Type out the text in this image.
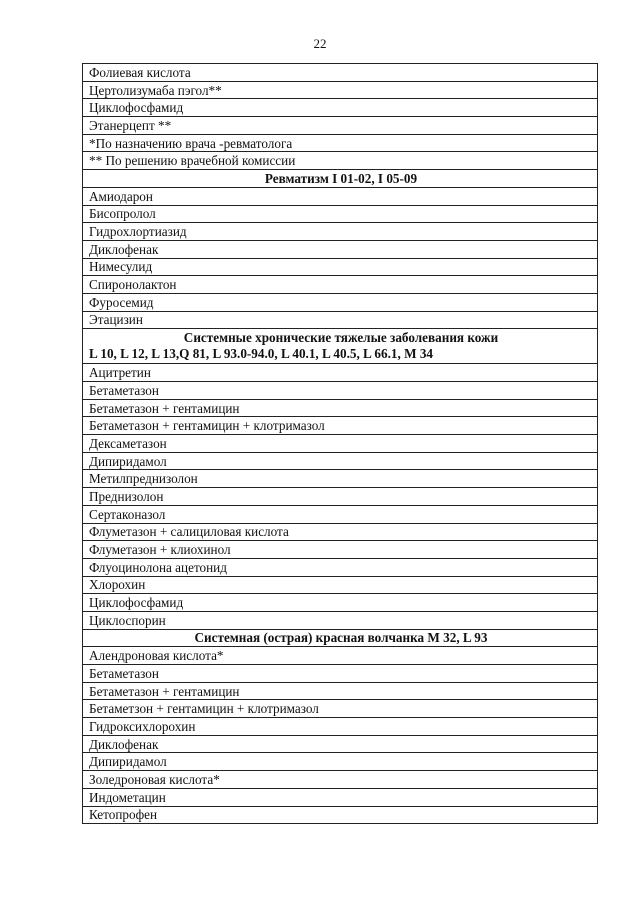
22
Фолиевая кислота
Цертолизумаба пэгол**
Циклофосфамид
Этанерцепт **
*По назначению врача -ревматолога
** По решению врачебной комиссии
Ревматизм I 01-02, I 05-09
Амиодарон
Бисопролол
Гидрохлортиазид
Диклофенак
Нимесулид
Спиронолактон
Фуросемид
Этацизин

Системные хронические тяжелые заболевания кожи
L 10, L 12, L 13,Q 81, L 93.0-94.0, L 40.1, L 40.5, L 66.1, M 34

Ацитретин
Бетаметазон
Бетаметазон + гентамицин
Бетаметазон + гентамицин + клотримазол
Дексаметазон
Дипиридамол
Метилпреднизолон
Преднизолон
Сертаконазол
Флуметазон + салициловая кислота
Флуметазон + клиохинол
Флуоцинолона ацетонид
Хлорохин
Циклофосфамид
Циклоспорин
Системная (острая) красная волчанка М 32, L 93
Алендроновая кислота*
Бетаметазон
Бетаметазон + гентамицин
Бетаметзон + гентамицин + клотримазол
Гидроксихлорохин
Диклофенак
Дипиридамол
Золедроновая кислота*
Индометацин
Кетопрофен
